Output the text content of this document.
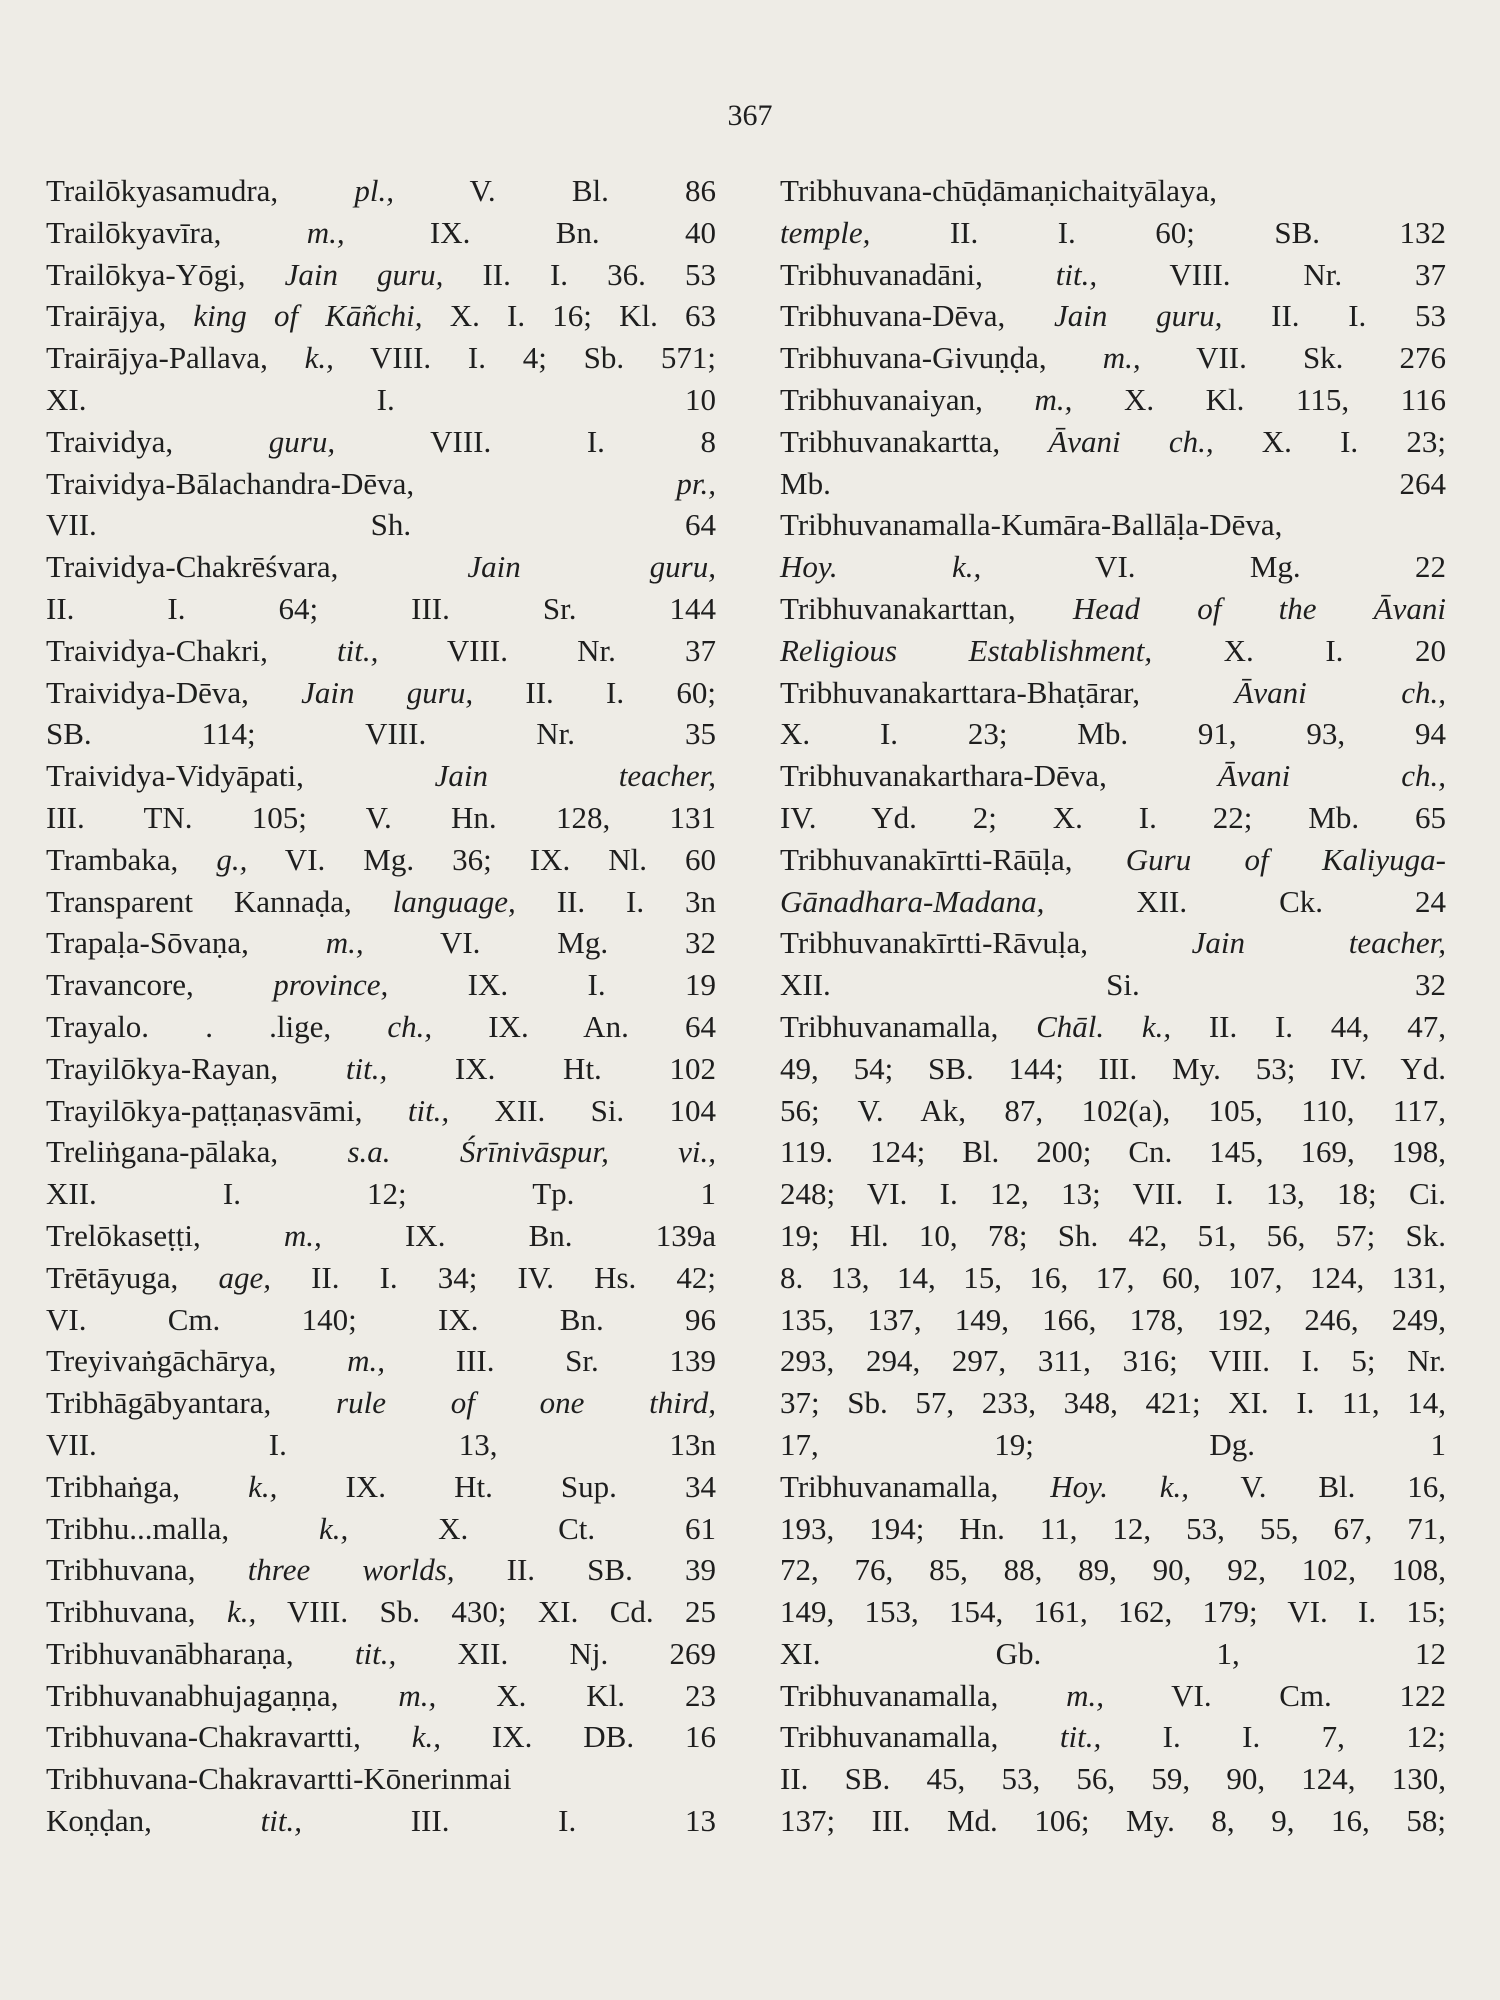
367
Trailōkyasamudra, pl., V. Bl. 86
Trailōkyavīra, m., IX. Bn. 40
Trailōkya-Yōgi, Jain guru, II. I. 36. 53
Trairājya, king of Kāñchi, X. I. 16; Kl. 63
Trairājya-Pallava, k., VIII. I. 4; Sb. 571;
XI. I. 10
Traividya, guru, VIII. I. 8
Traividya-Bālachandra-Dēva, pr.,
VII. Sh. 64
Traividya-Chakrēśvara, Jain guru,
II. I. 64; III. Sr. 144
Traividya-Chakri, tit., VIII. Nr. 37
Traividya-Dēva, Jain guru, II. I. 60;
SB. 114; VIII. Nr. 35
Traividya-Vidyāpati, Jain teacher,
III. TN. 105; V. Hn. 128, 131
Trambaka, g., VI. Mg. 36; IX. Nl. 60
Transparent Kannaḍa, language, II. I. 3n
Trapaḷa-Sōvaṇa, m., VI. Mg. 32
Travancore, province, IX. I. 19
Trayalo. . .lige, ch., IX. An. 64
Trayilōkya-Rayan, tit., IX. Ht. 102
Trayilōkya-paṭṭaṇasvāmi, tit., XII. Si. 104
Treliṅgana-pālaka, s.a. Śrīnivāspur, vi.,
XII. I. 12; Tp. 1
Trelōkaseṭṭi, m., IX. Bn. 139a
Trētāyuga, age, II. I. 34; IV. Hs. 42;
VI. Cm. 140; IX. Bn. 96
Treyivaṅgāchārya, m., III. Sr. 139
Tribhāgābyantara, rule of one third,
VII. I. 13, 13n
Tribhaṅga, k., IX. Ht. Sup. 34
Tribhu...malla, k., X. Ct. 61
Tribhuvana, three worlds, II. SB. 39
Tribhuvana, k., VIII. Sb. 430; XI. Cd. 25
Tribhuvanābharaṇa, tit., XII. Nj. 269
Tribhuvanabhujagaṇṇa, m., X. Kl. 23
Tribhuvana-Chakravartti, k., IX. DB. 16
Tribhuvana-Chakravartti-Kōnerinmai
Koṇḍan, tit., III. I. 13
Tribhuvana-chūḍāmaṇichaityālaya,
temple, II. I. 60; SB. 132
Tribhuvanadāni, tit., VIII. Nr. 37
Tribhuvana-Dēva, Jain guru, II. I. 53
Tribhuvana-Givuṇḍa, m., VII. Sk. 276
Tribhuvanaiyan, m., X. Kl. 115, 116
Tribhuvanakartta, Āvani ch., X. I. 23;
Mb. 264
Tribhuvanamalla-Kumāra-Ballāḷa-Dēva,
Hoy. k., VI. Mg. 22
Tribhuvanakarttan, Head of the Āvani
Religious Establishment, X. I. 20
Tribhuvanakarttara-Bhaṭārar, Āvani ch.,
X. I. 23; Mb. 91, 93, 94
Tribhuvanakarthara-Dēva, Āvani ch.,
IV. Yd. 2; X. I. 22; Mb. 65
Tribhuvanakīrtti-Rāūḷa, Guru of Kaliyuga-
Gānadhara-Madana, XII. Ck. 24
Tribhuvanakīrtti-Rāvuḷa, Jain teacher,
XII. Si. 32
Tribhuvanamalla, Chāl. k., II. I. 44, 47,
49, 54; SB. 144; III. My. 53; IV. Yd.
56; V. Ak, 87, 102(a), 105, 110, 117,
119. 124; Bl. 200; Cn. 145, 169, 198,
248; VI. I. 12, 13; VII. I. 13, 18; Ci.
19; Hl. 10, 78; Sh. 42, 51, 56, 57; Sk.
8. 13, 14, 15, 16, 17, 60, 107, 124, 131,
135, 137, 149, 166, 178, 192, 246, 249,
293, 294, 297, 311, 316; VIII. I. 5; Nr.
37; Sb. 57, 233, 348, 421; XI. I. 11, 14,
17, 19; Dg. 1
Tribhuvanamalla, Hoy. k., V. Bl. 16,
193, 194; Hn. 11, 12, 53, 55, 67, 71,
72, 76, 85, 88, 89, 90, 92, 102, 108,
149, 153, 154, 161, 162, 179; VI. I. 15;
XI. Gb. 1, 12
Tribhuvanamalla, m., VI. Cm. 122
Tribhuvanamalla, tit., I. I. 7, 12;
II. SB. 45, 53, 56, 59, 90, 124, 130,
137; III. Md. 106; My. 8, 9, 16, 58;
